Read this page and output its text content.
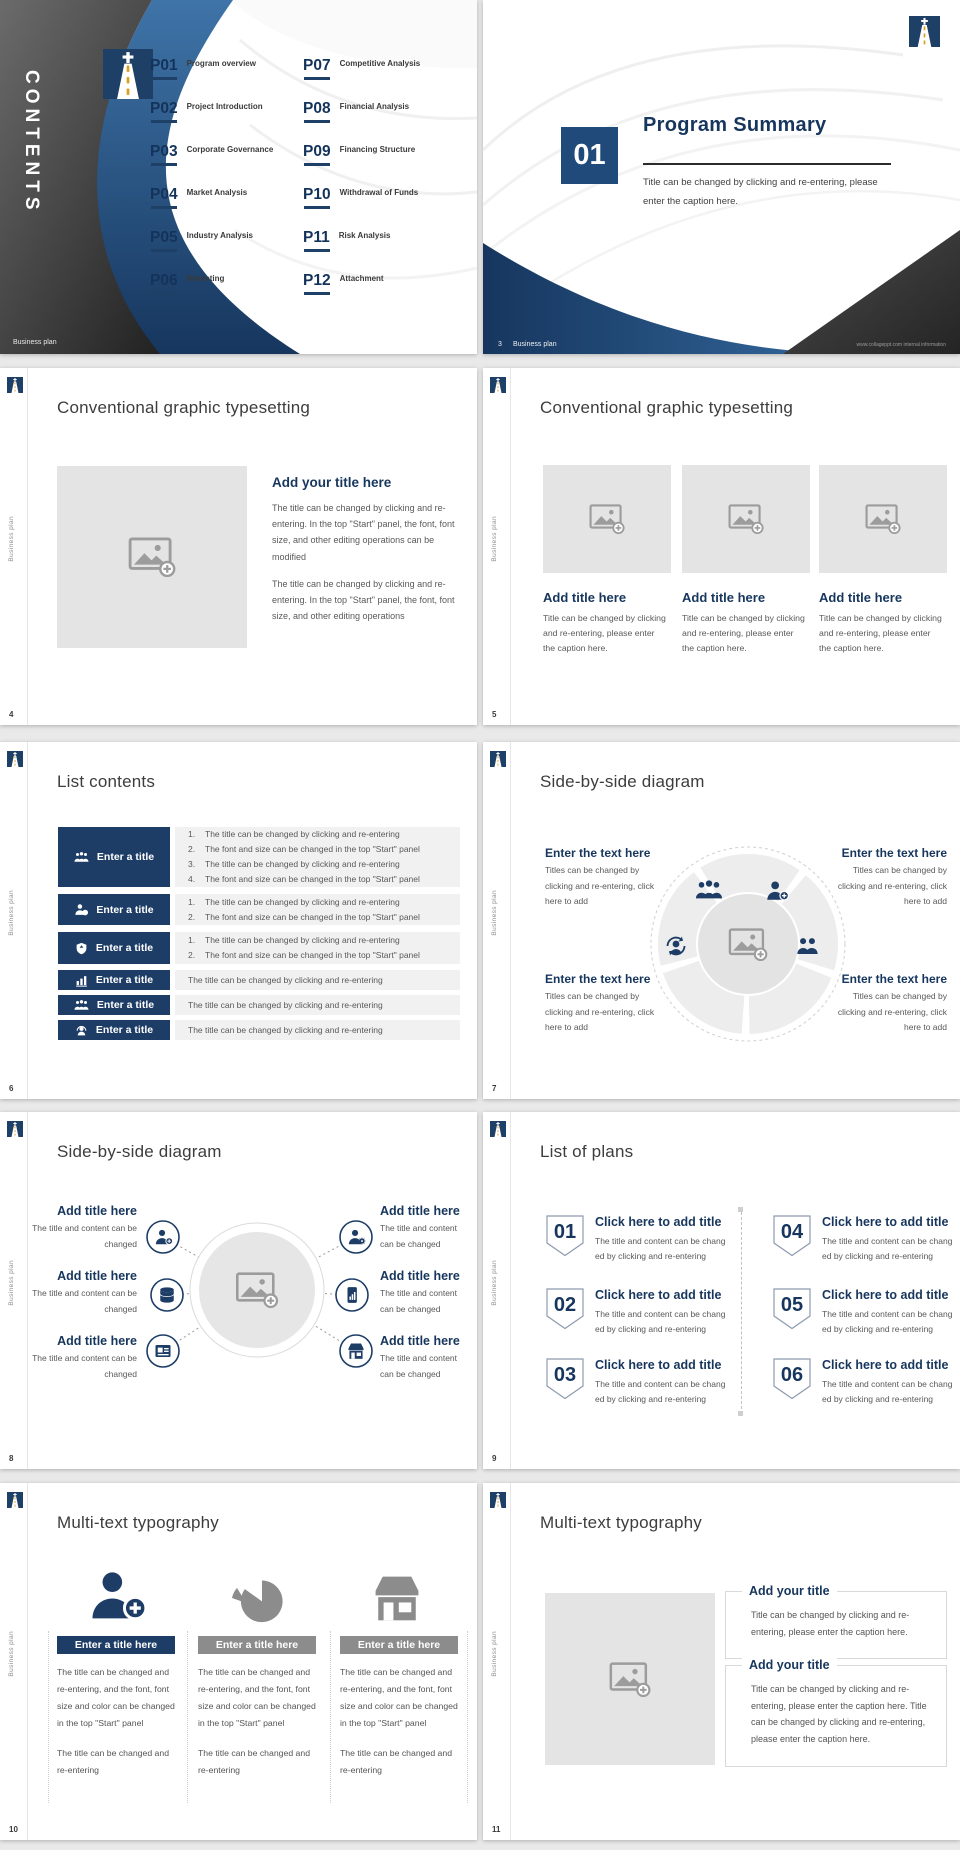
CONTENTS
P01 Program overview
P02 Project Introduction
P03 Corporate Governance
P04 Market Analysis
P05 Industry Analysis
P06 Marketing
P07 Competitive Analysis
P08 Financial Analysis
P09 Financing Structure
P10 Withdrawal of Funds
P11 Risk Analysis
P12 Attachment
Business plan
01
Program Summary
Title can be changed by clicking and re-entering, please enter the caption here.
3 Business plan	www.collageppt.com internal information
Business plan
4
Conventional graphic typesetting
Add your title here
The title can be changed by clicking and re-entering. In the top "Start" panel, the font, font size, and other editing operations can be modified
The title can be changed by clicking and re-entering. In the top "Start" panel, the font, font size, and other editing operations
Business plan
5
Conventional graphic typesetting
Add title here	Add title here	Add title here
Title can be changed by clicking and re-entering, please enter the caption here.
Title can be changed by clicking and re-entering, please enter the caption here.
Title can be changed by clicking and re-entering, please enter the caption here.
Business plan
6
List contents
Enter a title
1.	The title can be changed by clicking and re-entering
2.	The font and size can be changed in the top "Start" panel
3.	The title can be changed by clicking and re-entering
4.	The font and size can be changed in the top "Start" panel
Enter a title
1.	The title can be changed by clicking and re-entering
2.	The font and size can be changed in the top "Start" panel
Enter a title
1.	The title can be changed by clicking and re-entering
2.	The font and size can be changed in the top "Start" panel
Enter a title	The title can be changed by clicking and re-entering
Enter a title	The title can be changed by clicking and re-entering
Enter a title	The title can be changed by clicking and re-entering
Business plan
7
Side-by-side diagram
Enter the text here
Titles can be changed by clicking and re-entering, click here to add
Enter the text here
Titles can be changed by clicking and re-entering, click here to add
Enter the text here
Titles can be changed by clicking and re-entering, click here to add
Enter the text here
Titles can be changed by clicking and re-entering, click here to add
Business plan
8
Side-by-side diagram
Add title here
The title and content can be changed
Add title here
The title and content can be changed
Add title here
The title and content can be changed
Add title here
The title and content can be changed
Add title here
The title and content can be changed
Add title here
The title and content can be changed
Business plan
9
List of plans
01	Click here to add title
The title and content can be chang ed by clicking and re-entering
02	Click here to add title
The title and content can be chang ed by clicking and re-entering
03	Click here to add title
The title and content can be chang ed by clicking and re-entering
04	Click here to add title
The title and content can be chang ed by clicking and re-entering
05	Click here to add title
The title and content can be chang ed by clicking and re-entering
06	Click here to add title
The title and content can be chang ed by clicking and re-entering
Business plan
10
Multi-text typography
Enter a title here	Enter a title here	Enter a title here
The title can be changed and re-entering, and the font, font size and color can be changed in the top "Start" panel
The title can be changed and re-entering
The title can be changed and re-entering, and the font, font size and color can be changed in the top "Start" panel
The title can be changed and re-entering
The title can be changed and re-entering, and the font, font size and color can be changed in the top "Start" panel
The title can be changed and re-entering
Business plan
11
Multi-text typography
Add your title
Title can be changed by clicking and re-entering, please enter the caption here.
Add your title
Title can be changed by clicking and re-entering, please enter the caption here. Title can be changed by clicking and re-entering, please enter the caption here.
